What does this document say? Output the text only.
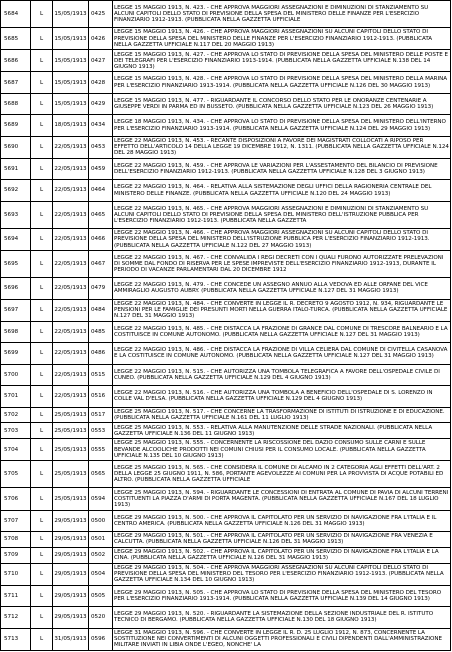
5684	L	15/05/1913	0425	LEGGE 15 MAGGIO 1913, N. 423. - CHE APPROVA MAGGIORI ASSEGNAZIONI E DIMINUZIONI DI STANZIAMENTO SU ALCUNI CAPITOLI DELLO STATO DI PREVISIONE DELLA SPESA DEL MINISTERO DELLE FINANZE PER L'ESERCIZIO FINANZIARIO 1912-1913. (PUBBLICATA NELLA GAZZETTA UFFICIALE
5685	L	15/05/1913	0426	LEGGE 15 MAGGIO 1913, N. 426. - CHE APPROVA MAGGIORI ASSEGNAZIONI SU ALCUNI CAPITOLI DELLO STATO DI PREVISIONE DELLA SPESA DEL MINISTERO DELLE FINANZE PER L'ESERCIZIO FINANZIARIO 1912-1913. (PUBBLICATA NELLA GAZZETTA UFFICIALE N.117 DEL 20 MAGGIO 1913)
5686	L	15/05/1913	0427	LEGGE 15 MAGGIO 1913, N. 427. - CHE APPROVA LO STATO DI PREVISIONE DELLA SPESA DEL MINISTERO DELLE POSTE E DEI TELEGRAFI PER L'ESERCIZIO FINANZIARIO 1913-1914. (PUBBLICATA NELLA GAZZETTA UFFICIALE N.138 DEL 14 GIUGNO 1913)
5687	L	15/05/1913	0428	LEGGE 15 MAGGIO 1913, N. 428. - CHE APPROVA LO STATO DI PREVISIONE DELLA SPESA DEL MINISTERO DELLA MARINA PER L'ESERCIZIO FINANZIARIO 1913-1914. (PUBBLICATA NELLA GAZZETTA UFFICIALE N.126 DEL 30 MAGGIO 1913)
5688	L	15/05/1913	0429	LEGGE 15 MAGGIO 1913, N. 477. - RIGUARDANTE IL CONCORSO DELLO STATO PER LE ONORANZE CENTENARIE A GIUSEPPE VERDI IN PARMA ED IN BUSSETO. (PUBBLICATA NELLA GAZZETTA UFFICIALE N.123 DEL 26 MAGGIO 1913)
5689	L	18/05/1913	0434	LEGGE 18 MAGGIO 1913, N. 434. - CHE APPROVA LO STATO DI PREVISIONE DELLA SPESA DEL MINISTERO DELL'INTERNO PER L'ESERCIZIO FINANZIARIO 1913-1914. (PUBBLICATA NELLA GAZZETTA UFFICIALE N.124 DEL 29 MAGGIO 1913)
5690	L	22/05/1913	0453	LEGGE 22 MAGGIO 1913, N. 453. - RECANTE DISPOSIZIONI A FAVORE DEI MAGISTRATI COLLOCATI A RIPOSO PER EFFETTO DELL'ARTICOLO 14 DELLA LEGGE 19 DICEMBRE 1912, N. 1311. (PUBBLICATA NELLA GAZZETTA UFFICIALE N.124 DEL 28 MAGGIO 1913)
5691	L	22/05/1913	0459	LEGGE 22 MAGGIO 1913, N. 459. - CHE APPROVA LE VARIAZIONI PER L'ASSESTAMENTO DEL BILANCIO DI PREVISIONE DELL'ESERCIZIO FINANZIARIO 1912-1913. (PUBBLICATA NELLA GAZZETTA UFFICIALE N.128 DEL 3 GIUGNO 1913)
5692	L	22/05/1913	0464	LEGGE 22 MAGGIO 1913, N. 464. - RELATIVA ALLA SISTEMAZIONE DEGLI UFFICI DELLA RAGIONERIA CENTRALE DEL MINISTERO DELLE FINANZE. (PUBBLICATA NELLA GAZZETTA UFFICIALE N.120 DEL 24 MAGGIO 1913)
5693	L	22/05/1913	0465	LEGGE 22 MAGGIO 1913, N. 465. - CHE APPROVA MAGGIORI ASSEGNAZIONI E DIMINUZIONI DI STANZIAMENTO SU ALCUNI CAPITOLI DELLO STATO DI PREVISIONE DELLA SPESA DEL MINISTERO DELL'ISTRUZIONE PUBBLICA PER L'ESERCIZIO FINANZIARIO 1912-1913. (PUBBLICATA NELLA GAZZETTA
5694	L	22/05/1913	0466	LEGGE 22 MAGGIO 1913, N. 466. - CHE APPROVA MAGGIORI ASSEGNAZIONI SU ALCUNI CAPITOLI DELLO STATO DI PREVISIONE DELLA SPESA DEL MINISTERO DELL'ISTRUZIONE PUBBLICA PER L'ESERCIZIO FINANZIARIO 1912-1913. (PUBBLICATA NELLA GAZZETTA UFFICIALE N.122 DEL 27 MAGGIO 1913)
5695	L	22/05/1913	0467	LEGGE 22 MAGGIO 1913, N. 467. - CHE CONVALIDA I REGI DECRETI CON I QUALI FURONO AUTORIZZATE PRELEVAZIONI DI SOMME DAL FONDO DI RISERVA PER LE SPESE IMPREVISTE DELL'ESERCIZIO FINANZIARIO 1912-1913, DURANTE IL PERIODO DI VACANZE PARLAMENTARI DAL 20 DICEMBRE 1912
5696	L	22/05/1913	0479	LEGGE 22 MAGGIO 1913, N. 479. - CHE CONCEDE UN ASSEGNO ANNUO ALLA VEDOVA ED ALLE ORFANE DEL VICE AMMIRAGLIO AUGUSTO AUBRY. (PUBBLICATA NELLA GAZZETTA UFFICIALE N.127 DEL 31 MAGGIO 1913)
5697	L	22/05/1913	0484	LEGGE 22 MAGGIO 1913, N. 484. - CHE CONVERTE IN LEGGE IL R. DECRETO 9 AGOSTO 1912, N. 934, RIGUARDANTE LE PENSIONI PER LE FAMIGLIE DEI PRESUNTI MORTI NELLA GUERRA ITALO-TURCA. (PUBBLICATA NELLA GAZZETTA UFFICIALE N.127 DEL 31 MAGGIO 1913)
5698	L	22/05/1913	0485	LEGGE 22 MAGGIO 1913, N. 485. - CHE DISTACCA LA FRAZIONE DI GRANCE DAL COMUNE DI TRESCORE BALNEARIO E LA COSTITUISCE IN COMUNE AUTONOMO. (PUBBLICATA NELLA GAZZETTA UFFICIALE N.127 DEL 31 MAGGIO 1913)
5699	L	22/05/1913	0486	LEGGE 22 MAGGIO 1913, N. 486. - CHE DISTACCA LA FRAZIONE DI VILLA CELIERA DAL COMUNE DI CIVITELLA CASANOVA E LA COSTITUISCE IN COMUNE AUTONOMO. (PUBBLICATA NELLA GAZZETTA UFFICIALE N.127 DEL 31 MAGGIO 1913)
5700	L	22/05/1913	0515	LEGGE 22 MAGGIO 1913, N. 515. - CHE AUTORIZZA UNA TOMBOLA TELEGRAFICA A FAVORE DELL'OSPEDALE CIVILE DI CUNEO. (PUBBLICATA NELLA GAZZETTA UFFICIALE N.129 DEL 4 GIUGNO 1913)
5701	L	22/05/1913	0516	LEGGE 22 MAGGIO 1913, N. 516. - CHE AUTORIZZA UNA TOMBOLA A BENEFICIO DELL'OSPEDALE DI S. LORENZO IN COLLE VAL D'ELSA. (PUBBLICATA NELLA GAZZETTA UFFICIALE N.129 DEL 4 GIUGNO 1913)
5702	L	25/05/1913	0517	LEGGE 25 MAGGIO 1913, N. 517. - CHE CONCERNE LA TRASFORMAZIONE DI ISTITUTI DI ISTRUZIONE E DI EDUCAZIONE. (PUBBLICATA NELLA GAZZETTA UFFICIALE N.161 DEL 11 LUGLIO 1913)
5703	L	25/05/1913	0553	LEGGE 25 MAGGIO 1913, N. 553. - RELATIVA ALLA MANUTENZIONE DELLE STRADE NAZIONALI. (PUBBLICATA NELLA GAZZETTA UFFICIALE N.136 DEL 11 GIUGNO 1913)
5704	L	25/05/1913	0555	LEGGE 25 MAGGIO 1913, N. 555. - CONCERNENTE LA RISCOSSIONE DEL DAZIO CONSUMO SULLE CARNI E SULLE BEVANDE ALCOOLICHE PRODOTTI NEI COMUNI CHIUSI PER IL CONSUMO LOCALE. (PUBBLICATA NELLA GAZZETTA UFFICIALE N.135 DEL 10 GIUGNO 1913)
5705	L	25/05/1913	0565	LEGGE 25 MAGGIO 1913, N. 565. - CHE CONSIDERA IL COMUNE DI ALCAMO IN 2 CATEGORIA AGLI EFFETTI DELL'ART. 2 DELLA LEGGE 25 GIUGNO 1911, N. 586, PORTANTE AGEVOLEZZE AI COMUNI PER LA PROVVISTA DI ACQUE POTABILI ED ALTRO. (PUBBLICATA NELLA GAZZETTA UFFICIALE
5706	L	25/05/1913	0594	LEGGE 25 MAGGIO 1913, N. 594. - RIGUARDANTE LE CONCESSIONI DI ENTRATA AL COMUNE DI PAVIA DI ALCUNI TERRENI COSTITUENTI LA PIAZZA D'ARMI DI PORTA MAGENTA. (PUBBLICATA NELLA GAZZETTA UFFICIALE N.167 DEL 18 LUGLIO 1913)
5707	L	29/05/1913	0500	LEGGE 29 MAGGIO 1913, N. 500. - CHE APPROVA IL CAPITOLATO PER UN SERVIZIO DI NAVIGAZIONE FRA L'ITALIA E IL CENTRO AMERICA. (PUBBLICATA NELLA GAZZETTA UFFICIALE N.126 DEL 31 MAGGIO 1913)
5708	L	29/05/1913	0501	LEGGE 29 MAGGIO 1913, N. 501. - CHE APPROVA IL CAPITOLATO PER UN SERVIZIO DI NAVIGAZIONE FRA VENEZIA E CALCUTTA. (PUBBLICATA NELLA GAZZETTA UFFICIALE N.126 DEL 31 MAGGIO 1913)
5709	L	29/05/1913	0502	LEGGE 29 MAGGIO 1913, N. 502. - CHE APPROVA IL CAPITOLATO PER UN SERVIZIO DI NAVIGAZIONE FRA L'ITALIA E LA CINA. (PUBBLICATA NELLA GAZZETTA UFFICIALE N.126 DEL 31 MAGGIO 1913)
5710	L	29/05/1913	0504	LEGGE 29 MAGGIO 1913, N. 504. - CHE APPROVA MAGGIORI ASSEGNAZIONI SU ALCUNI CAPITOLI DELLO STATO DI PREVISIONE DELLA SPESA DEL MINISTERO DEL TESORO PER L'ESERCIZIO FINANZIARIO 1912-1913. (PUBBLICATA NELLA GAZZETTA UFFICIALE N.134 DEL 10 GIUGNO 1913)
5711	L	29/05/1913	0505	LEGGE 29 MAGGIO 1913, N. 505. - CHE APPROVA LO STATO DI PREVISIONE DELLA SPESA DEL MINISTERO DEL TESORO PER L'ESERCIZIO FINANZIARIO 1913-1914. (PUBBLICATA NELLA GAZZETTA UFFICIALE N.139 DEL 14 GIUGNO 1913)
5712	L	29/05/1913	0520	LEGGE 29 MAGGIO 1913, N. 520. - RIGUARDANTE LA SISTEMAZIONE DELLA SEZIONE INDUSTRIALE DEL R. ISTITUTO TECNICO DI BERGAMO. (PUBBLICATA NELLA GAZZETTA UFFICIALE N.130 DEL 18 GIUGNO 1913)
5713	L	31/05/1913	0596	LEGGE 31 MAGGIO 1913, N. 596. - CHE CONVERTE IN LEGGE IL R. D. 25 LUGLIO 1912, N. 873, CONCERNENTE LA SOSTITUZIONE NEI CONVERTIMENTI DI ALCUNI OGGETTI PROFESSIONALI E CIVILI DIPENDENTI DALL'AMMINISTRAZIONE MILITARE INVIATI IN LIBIA ONDE L'EGEO, NONCHE' LA
